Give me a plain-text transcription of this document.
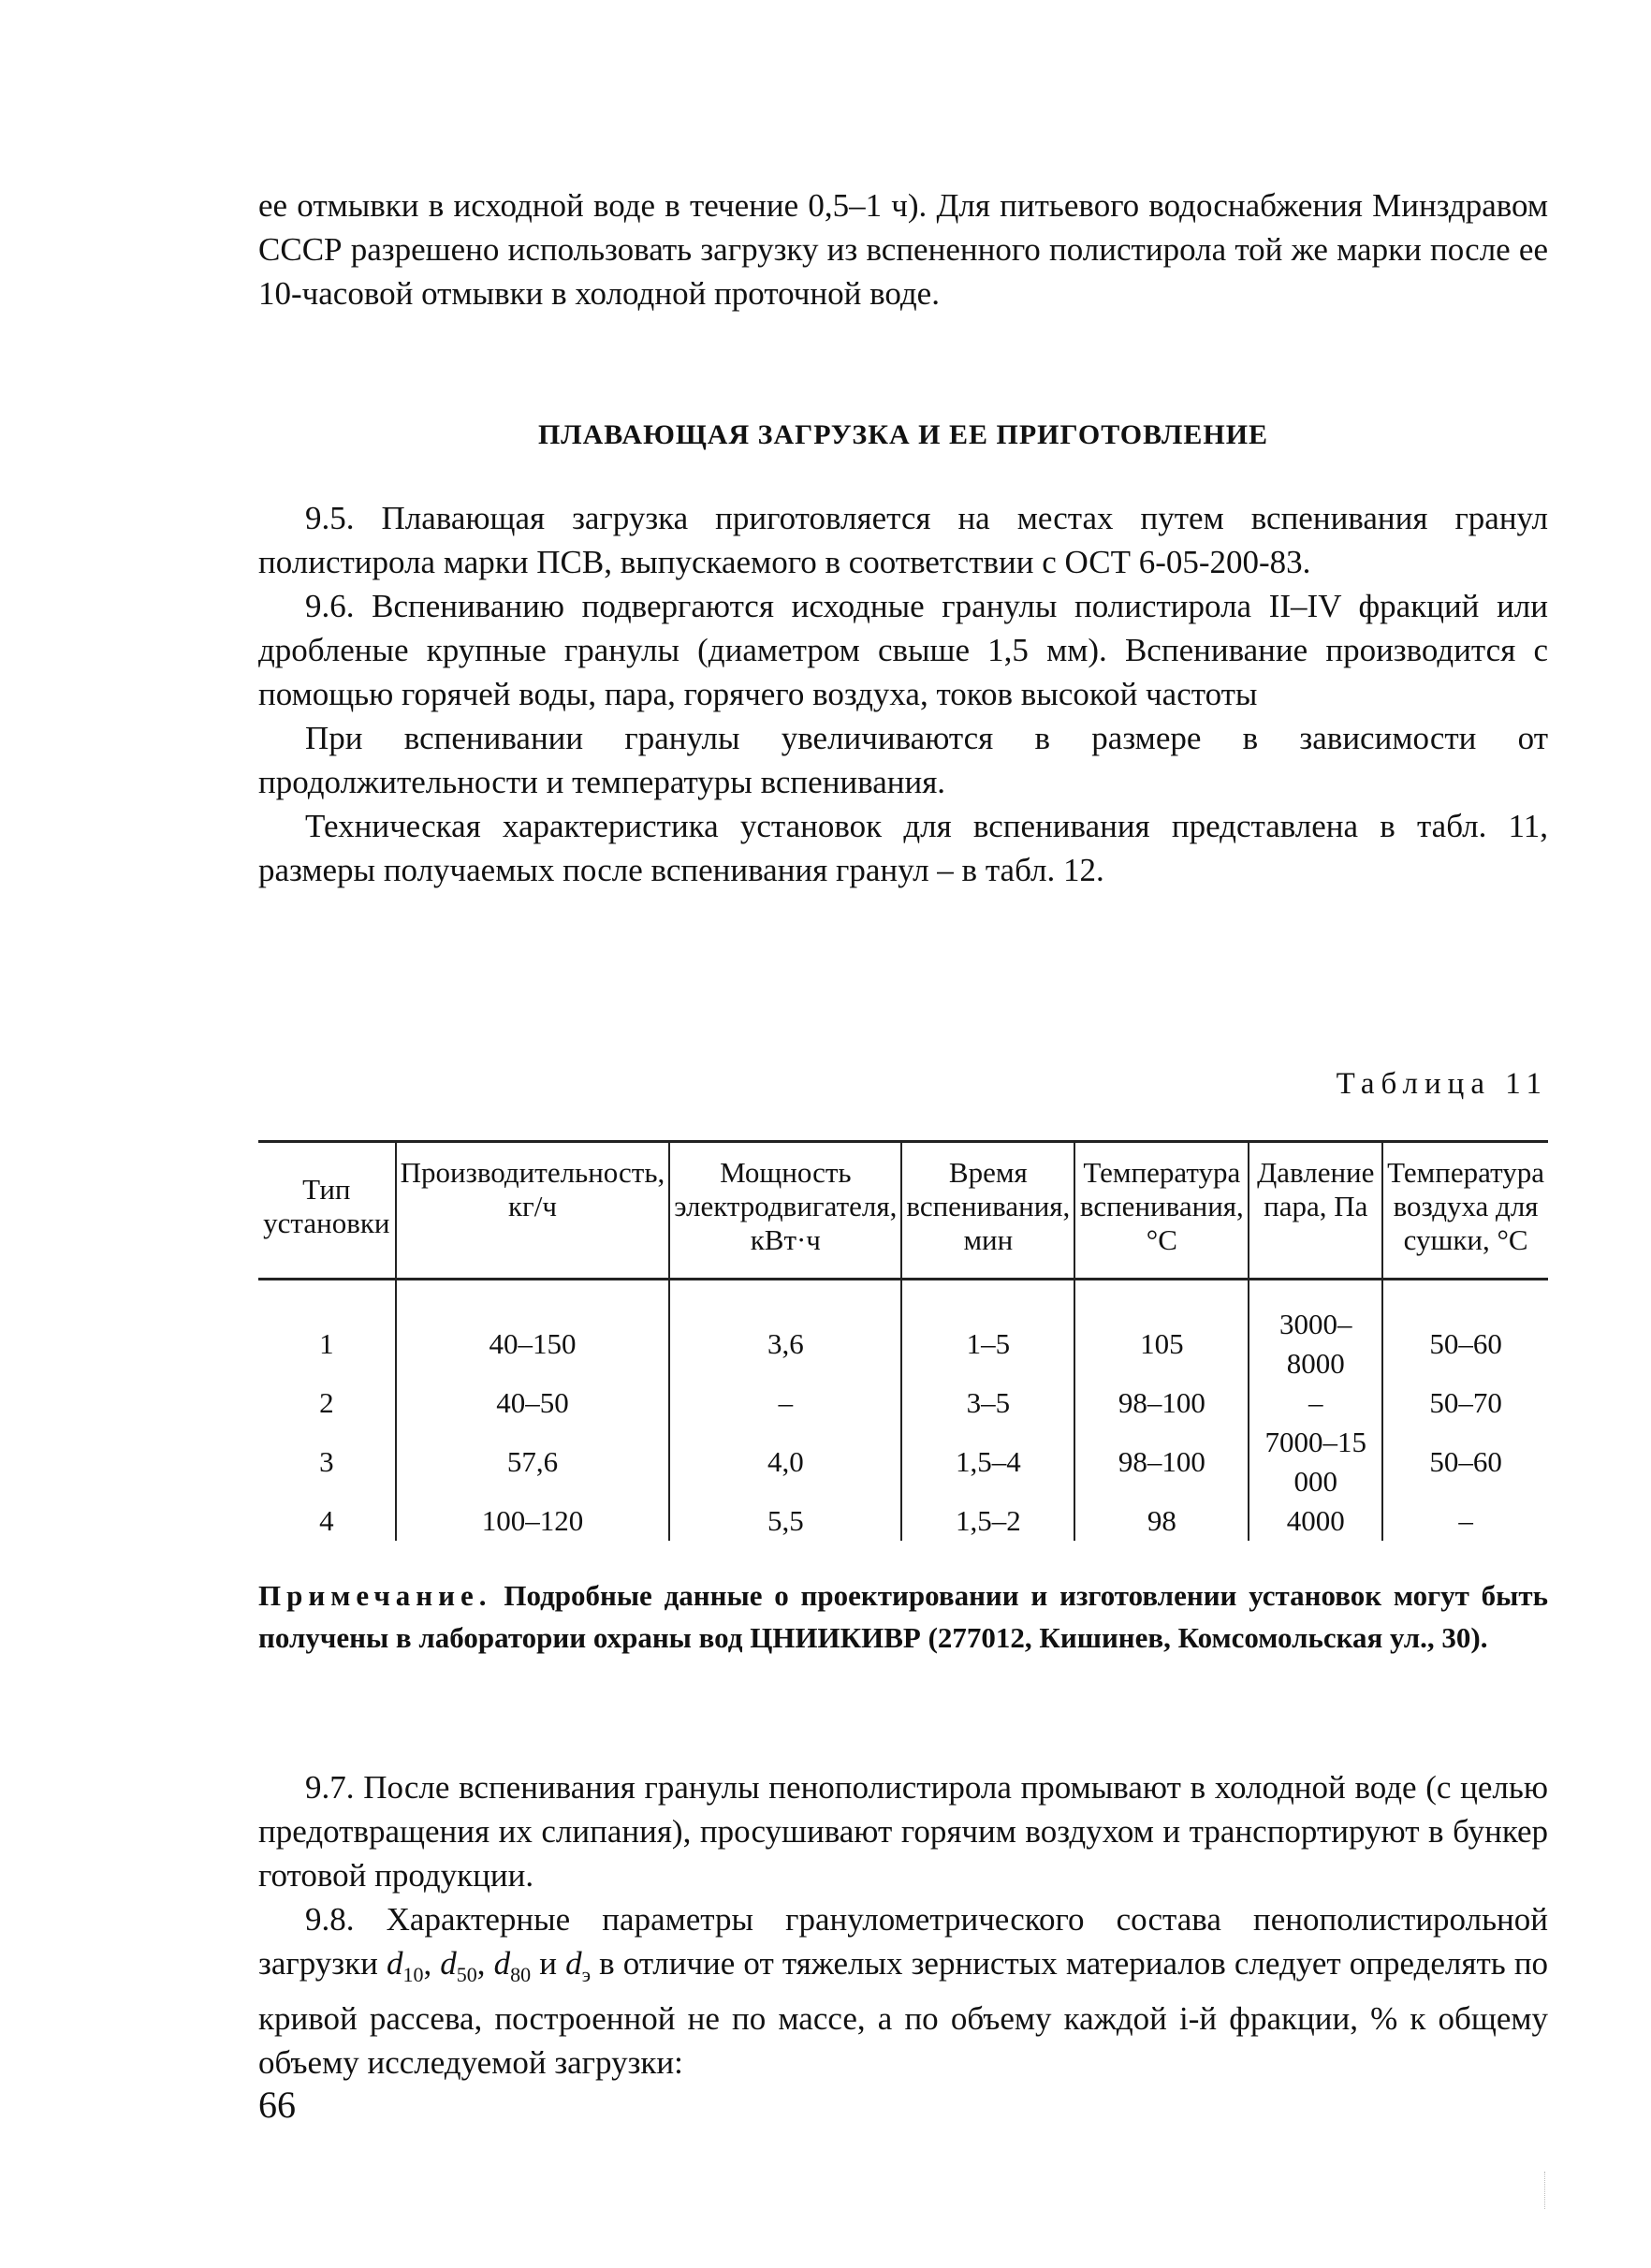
ее отмывки в исходной воде в течение 0,5–1 ч). Для питьевого водоснабжения Минздравом СССР разрешено использовать загрузку из вспененного полистирола той же марки после ее 10-часовой отмывки в холодной проточной воде.

ПЛАВАЮЩАЯ ЗАГРУЗКА И ЕЕ ПРИГОТОВЛЕНИЕ

9.5. Плавающая загрузка приготовляется на местах путем вспенивания гранул полистирола марки ПСВ, выпускаемого в соответствии с ОСТ 6-05-200-83.

9.6. Вспениванию подвергаются исходные гранулы полистирола II–IV фракций или дробленые крупные гранулы (диаметром свыше 1,5 мм). Вспенивание производится с помощью горячей воды, пара, горячего воздуха, токов высокой частоты

При вспенивании гранулы увеличиваются в размере в зависимости от продолжительности и температуры вспенивания.

Техническая характеристика установок для вспенивания представлена в табл. 11, размеры получаемых после вспенивания гранул – в табл. 12.

Таблица 11
Тип установки	Производительность, кг/ч	Мощность электродвигателя, кВт·ч	Время вспенивания, мин	Температура вспенивания, °С	Давление пара, Па	Температура воздуха для сушки, °С
1	40–150	3,6	1–5	105	3000–8000	50–60
2	40–50	–	3–5	98–100	–	50–70
3	57,6	4,0	1,5–4	98–100	7000–15 000	50–60
4	100–120	5,5	1,5–2	98	4000	–
Примечание. Подробные данные о проектировании и изготовлении установок могут быть получены в лаборатории охраны вод ЦНИИКИВР (277012, Кишинев, Комсомольская ул., 30).

9.7. После вспенивания гранулы пенополистирола промывают в холодной воде (с целью предотвращения их слипания), просушивают горячим воздухом и транспортируют в бункер готовой продукции.

9.8. Характерные параметры гранулометрического состава пенополистирольной загрузки $d_{10}$, $d_{50}$, $d_{80}$ и $d_э$ в отличие от тяжелых зернистых материалов следует определять по кривой рассева, построенной не по массе, а по объему каждой i-й фракции, % к общему объему исследуемой загрузки:

66
